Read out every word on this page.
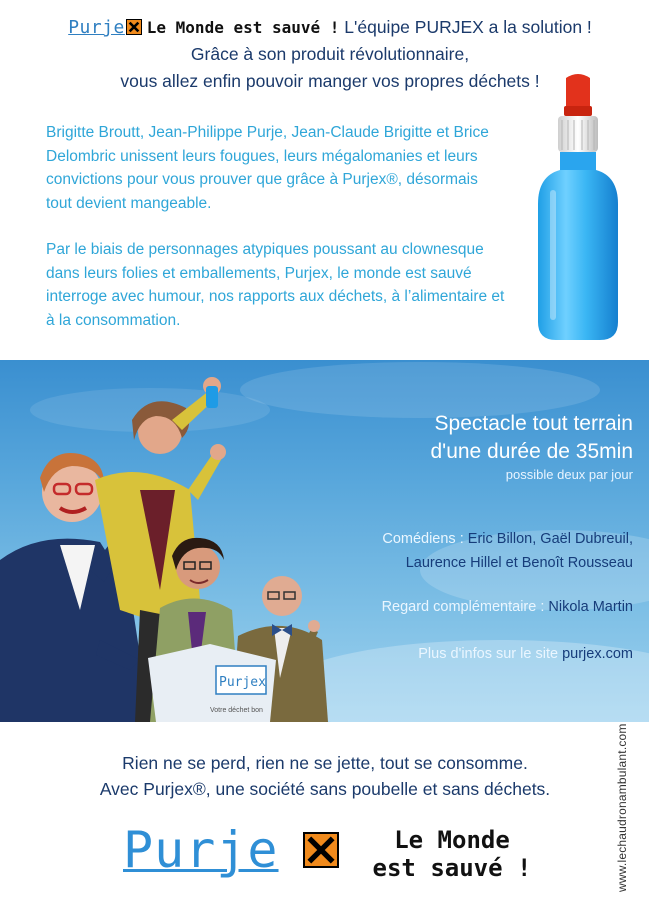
Purje Le Monde est sauvé ! L'équipe PURJEX a la solution !
Grâce à son produit révolutionnaire,
vous allez enfin pouvoir manger vos propres déchets !

Brigitte Broutt, Jean-Philippe Purje, Jean-Claude Brigitte et Brice Delombric unissent leurs fougues, leurs mégalomanies et leurs convictions pour vous prouver que grâce à Purjex®, désormais tout devient mangeable.

Par le biais de personnages atypiques poussant au clownesque dans leurs folies et emballements, Purjex, le monde est sauvé interroge avec humour, nos rapports aux déchets, à l’alimentaire et à la consommation.

Purjex
Votre déchet bon
Spectacle tout terrain
d'une durée de 35min
possible deux par jour
Comédiens : Eric Billon, Gaël Dubreuil,
Laurence Hillel et Benoît Rousseau
Regard complémentaire : Nikola Martin
Plus d'infos sur le site purjex.com
Rien ne se perd, rien ne se jette, tout se consomme.
Avec Purjex®, une société sans poubelle et sans déchets.
Purje	Le Monde
est sauvé !	www.lechaudronambulant.com
